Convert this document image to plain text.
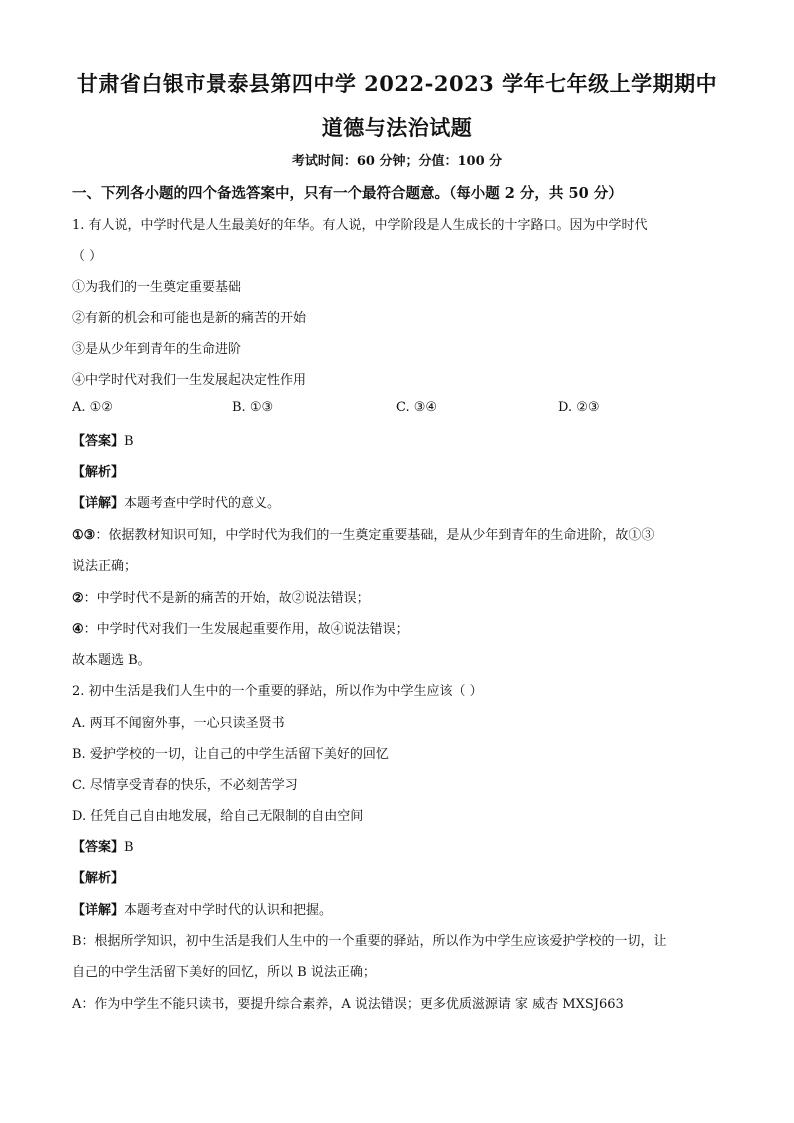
甘肃省白银市景泰县第四中学 2022-2023 学年七年级上学期期中
道德与法治试题
考试时间：60 分钟；分值：100 分
一、下列各小题的四个备选答案中，只有一个最符合题意。（每小题 2 分，共 50 分）
1. 有人说，中学时代是人生最美好的年华。有人说，中学阶段是人生成长的十字路口。因为中学时代
（ ）
①为我们的一生奠定重要基础
②有新的机会和可能也是新的痛苦的开始
③是从少年到青年的生命进阶
④中学时代对我们一生发展起决定性作用
A. ①②	B. ①③	C. ③④	D. ②③
【答案】B
【解析】
【详解】本题考查中学时代的意义。
①③：依据教材知识可知，中学时代为我们的一生奠定重要基础，是从少年到青年的生命进阶，故①③
说法正确；
②：中学时代不是新的痛苦的开始，故②说法错误；
④：中学时代对我们一生发展起重要作用，故④说法错误；
故本题选 B。
2. 初中生活是我们人生中的一个重要的驿站，所以作为中学生应该（ ）
A. 两耳不闻窗外事，一心只读圣贤书
B. 爱护学校的一切，让自己的中学生活留下美好的回忆
C. 尽情享受青春的快乐，不必刻苦学习
D. 任凭自己自由地发展，给自己无限制的自由空间
【答案】B
【解析】
【详解】本题考查对中学时代的认识和把握。
B：根据所学知识，初中生活是我们人生中的一个重要的驿站，所以作为中学生应该爱护学校的一切，让
自己的中学生活留下美好的回忆，所以 B 说法正确；
A：作为中学生不能只读书，要提升综合素养，A 说法错误；更多优质滋源请 家 威杏 MXSJ663
